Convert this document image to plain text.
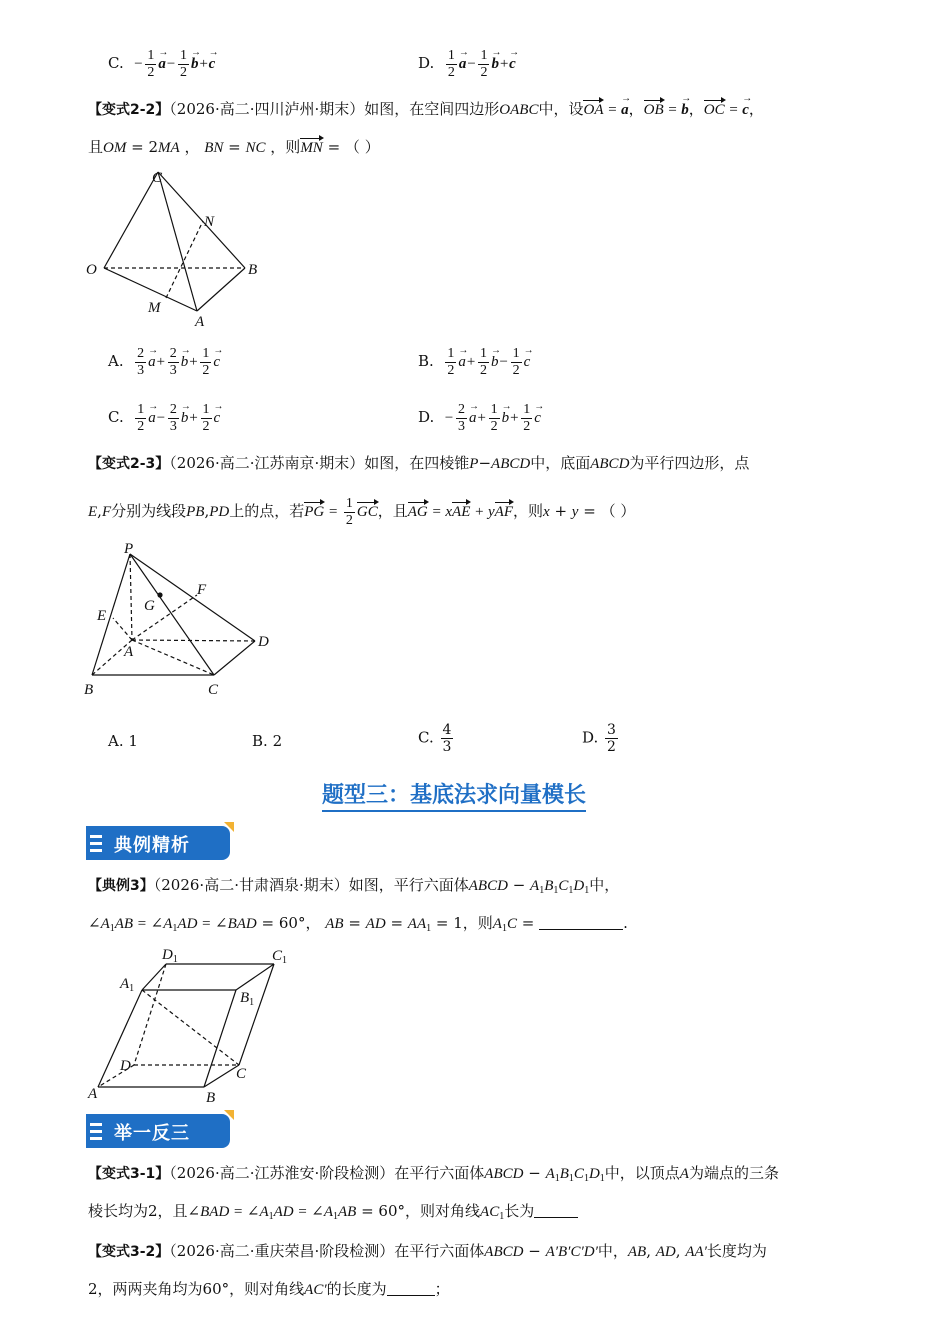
C. − $\frac{1}{2}$ $a \to- \frac{1}{2}$ b →+c →	D. $\frac{1}{2}$ $a \to- \frac{1}{2}$ b →+c →
【变式2-2】（2026·高二·四川泸州·期末）如图，在空间四边形OABC中，设OA = a →，OB = b →，OC = c →，
且OM = 2MA ， BN = NC ，则MN = （ ）
C
N
O	B
M
A
A. $\frac{2}{3}$ $a \to+ \frac{2}{3}$ $b \to+ \frac{1}{2}$ c →	B. $\frac{1}{2}$ $a \to+ \frac{1}{2}$ $b \to- \frac{1}{2}$ c →
C. $\frac{1}{2}$ $a \to- \frac{2}{3}$ $b \to+ \frac{1}{2}$ c →	D. − $\frac{2}{3}$ $a \to+ \frac{1}{2}$ $b \to+ \frac{1}{2}$ c →
【变式2-3】（2026·高二·江苏南京·期末）如图，在四棱锥P−ABCD中，底面ABCD为平行四边形，点
E,F分别为线段PB,PD上的点，若PG = $\frac{1}{2}$ GC，且AG = xAE + yAF，则x + y = （ ）
P
F
G
E
A
D
B	C
A. 1	B. 2	C. $\frac{4}{3}$	D. $\frac{3}{2}$
题型三：基底法求向量模长
典例精析
【典例3】（2026·高二·甘肃酒泉·期末）如图，平行六面体ABCD − $A_1B_1C_1D_1$中，
$\angle A_1AB$ = $\angle A_1AD$ = ∠BAD = 60°， AB = AD = $AA_1 = 1$，则$A_1C$ =	.
$D_1$	$C_1$
$A_1$
$B_1$
D	C
A	B
举一反三
【变式3-1】（2026·高二·江苏淮安·阶段检测）在平行六面体ABCD − $A_1B_1C_1D_1$中，以顶点A为端点的三条
棱长均为2，且∠BAD = $\angle A_1AD$ = $\angle A_1AB = 60^\circ$，则对角线$AC_1$长为
【变式3-2】（2026·高二·重庆荣昌·阶段检测）在平行六面体ABCD − A′B′C′D′中，AB, AD, AA′长度均为
2，两两夹角均为60°，则对角线AC′的长度为	；
